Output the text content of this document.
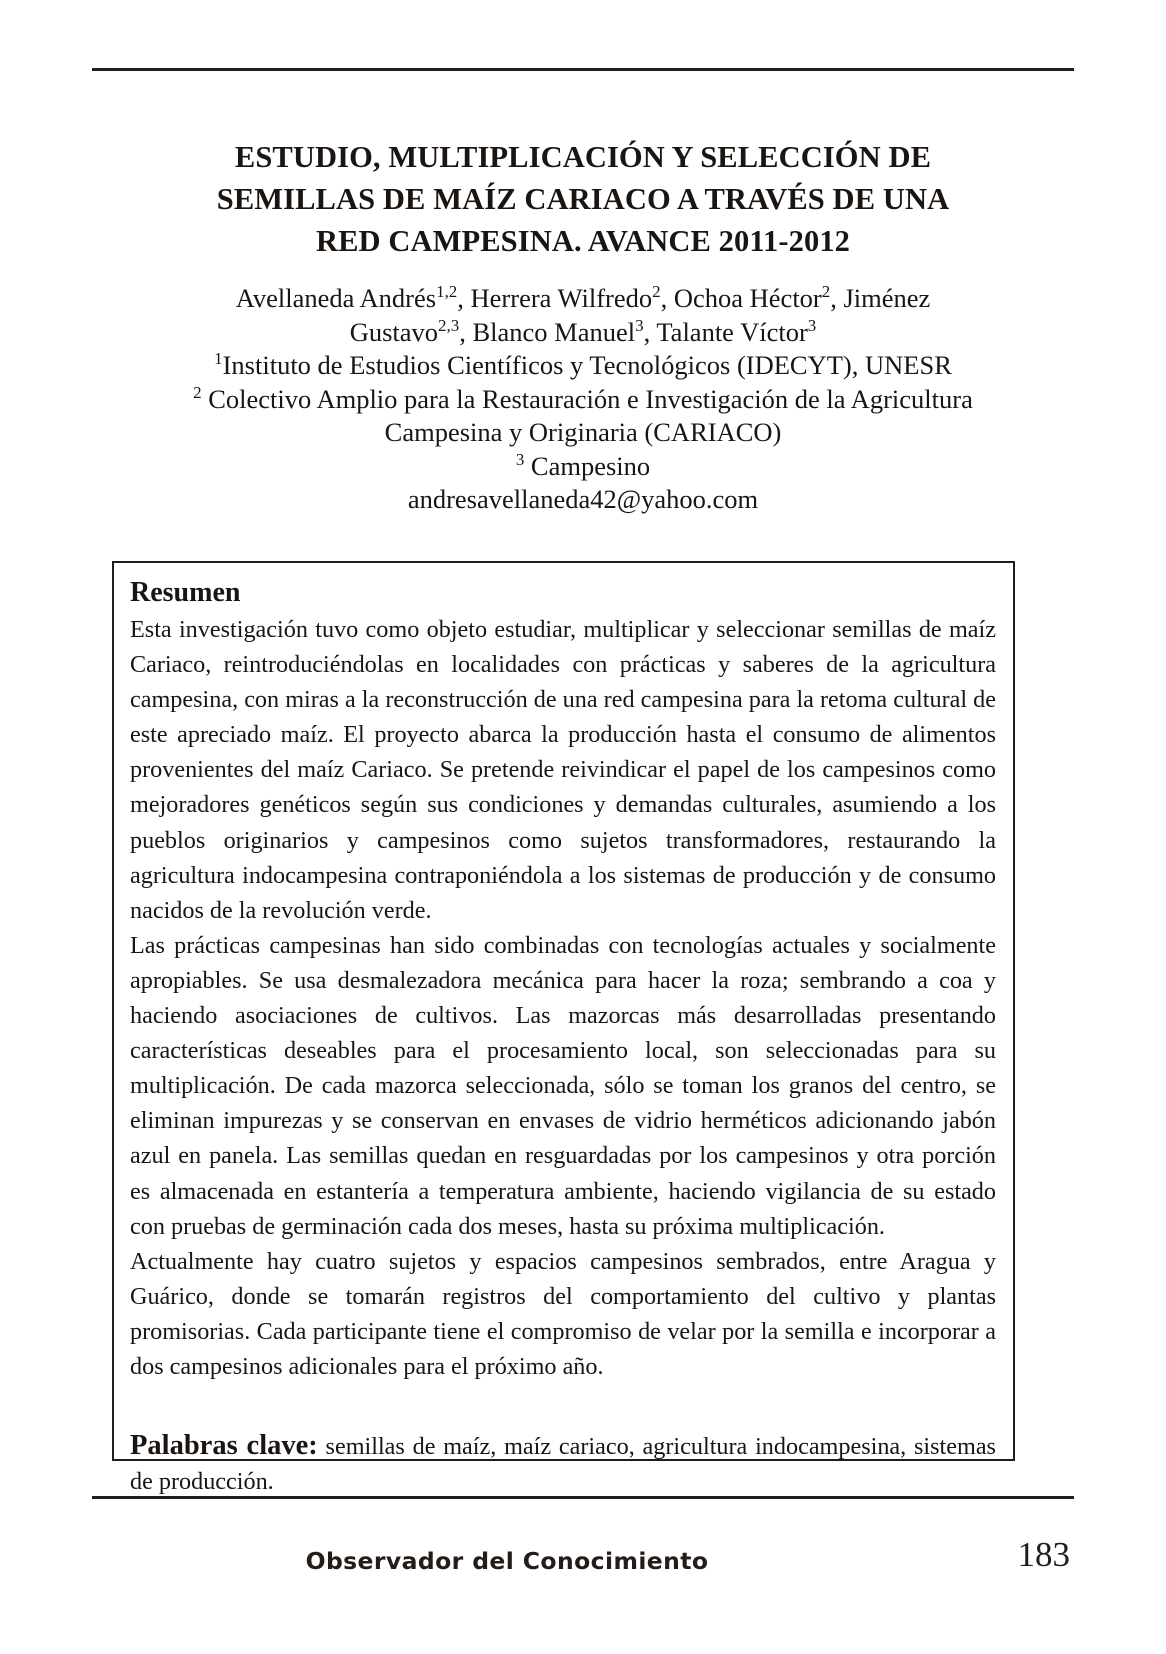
ESTUDIO, MULTIPLICACIÓN Y SELECCIÓN DE
SEMILLAS DE MAÍZ CARIACO A TRAVÉS DE UNA
RED CAMPESINA. AVANCE 2011-2012
Avellaneda Andrés$^{1,2}$, Herrera Wilfredo$^2$, Ochoa Héctor$^2$, Jiménez
Gustavo$^{2,3}$, Blanco Manuel$^3$, Talante Víctor$^3$
$^1$Instituto de Estudios Científicos y Tecnológicos (IDECYT), UNESR
$^2$ Colectivo Amplio para la Restauración e Investigación de la Agricultura
Campesina y Originaria (CARIACO)
$^3$ Campesino
andresavellaneda42@yahoo.com
Resumen

Esta investigación tuvo como objeto estudiar, multiplicar y seleccionar semillas de maíz Cariaco, reintroduciéndolas en localidades con prácticas y saberes de la agricultura campesina, con miras a la reconstrucción de una red campesina para la retoma cultural de este apreciado maíz. El proyecto abarca la producción hasta el consumo de alimentos provenientes del maíz Cariaco. Se pretende reivindicar el papel de los campesinos como mejoradores genéticos según sus condiciones y demandas culturales, asumiendo a los pueblos originarios y campesinos como sujetos transformadores, restaurando la agricultura indocampesina contraponiéndola a los sistemas de producción y de consumo nacidos de la revolución verde.

Las prácticas campesinas han sido combinadas con tecnologías actuales y socialmente apropiables. Se usa desmalezadora mecánica para hacer la roza; sembrando a coa y haciendo asociaciones de cultivos. Las mazorcas más desarrolladas presentando características deseables para el procesamiento local, son seleccionadas para su multiplicación. De cada mazorca seleccionada, sólo se toman los granos del centro, se eliminan impurezas y se conservan en envases de vidrio herméticos adicionando jabón azul en panela. Las semillas quedan en resguardadas por los campesinos y otra porción es almacenada en estantería a temperatura ambiente, haciendo vigilancia de su estado con pruebas de germinación cada dos meses, hasta su próxima multiplicación.

Actualmente hay cuatro sujetos y espacios campesinos sembrados, entre Aragua y Guárico, donde se tomarán registros del comportamiento del cultivo y plantas promisorias. Cada participante tiene el compromiso de velar por la semilla e incorporar a dos campesinos adicionales para el próximo año.

Palabras clave: semillas de maíz, maíz cariaco, agricultura indocampesina, sistemas de producción.

Observador del Conocimiento	183
